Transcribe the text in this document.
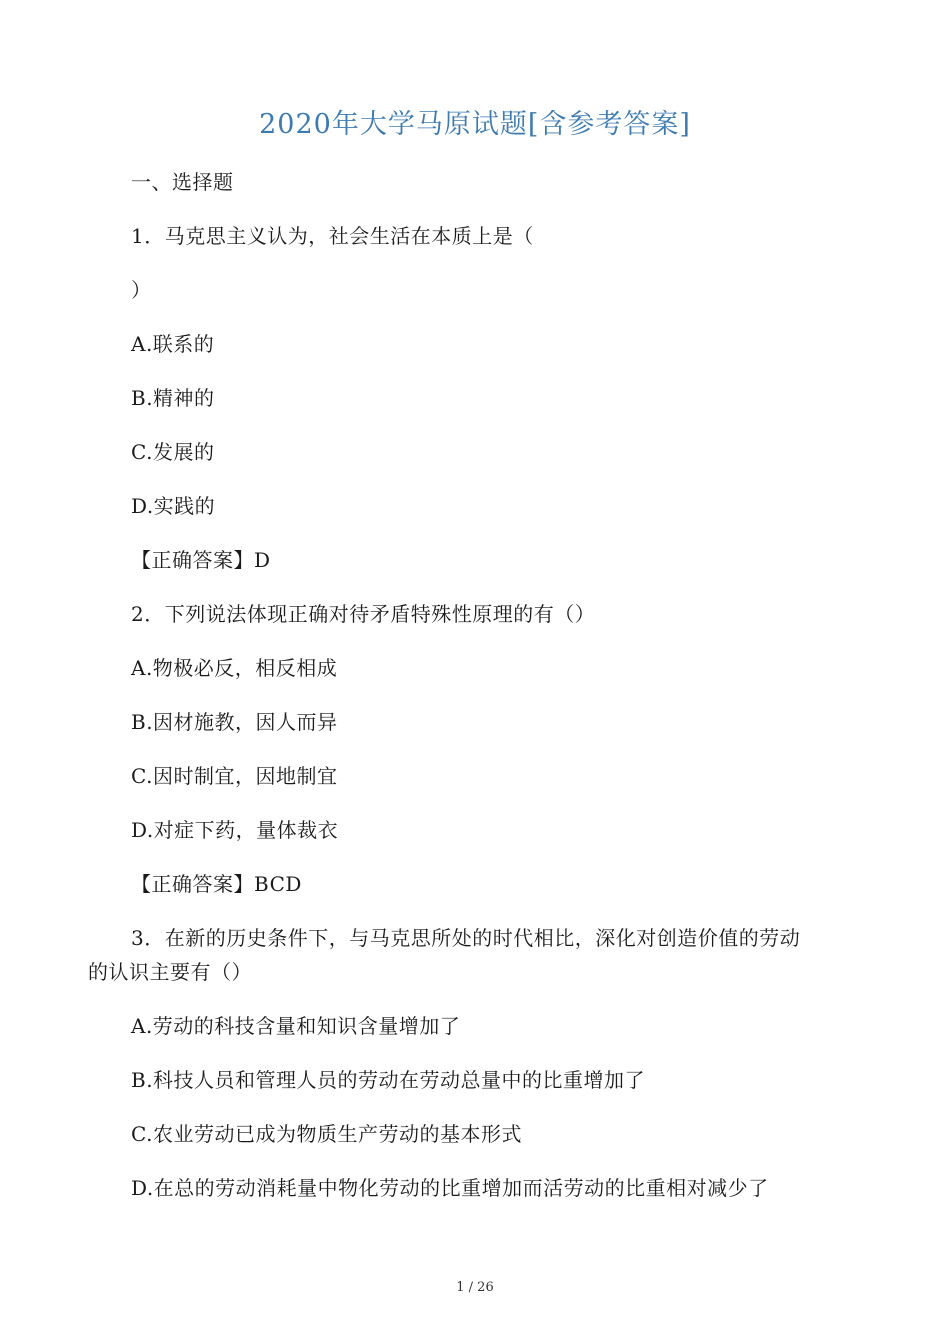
2020年大学马原试题[含参考答案]
一、选择题
1．马克思主义认为，社会生活在本质上是（
）
A.联系的
B.精神的
C.发展的
D.实践的
【正确答案】D
2．下列说法体现正确对待矛盾特殊性原理的有（）
A.物极必反，相反相成
B.因材施教，因人而异
C.因时制宜，因地制宜
D.对症下药，量体裁衣
【正确答案】BCD
3．在新的历史条件下，与马克思所处的时代相比，深化对创造价值的劳动
的认识主要有（）
A.劳动的科技含量和知识含量增加了
B.科技人员和管理人员的劳动在劳动总量中的比重增加了
C.农业劳动已成为物质生产劳动的基本形式
D.在总的劳动消耗量中物化劳动的比重增加而活劳动的比重相对减少了
1 / 26
